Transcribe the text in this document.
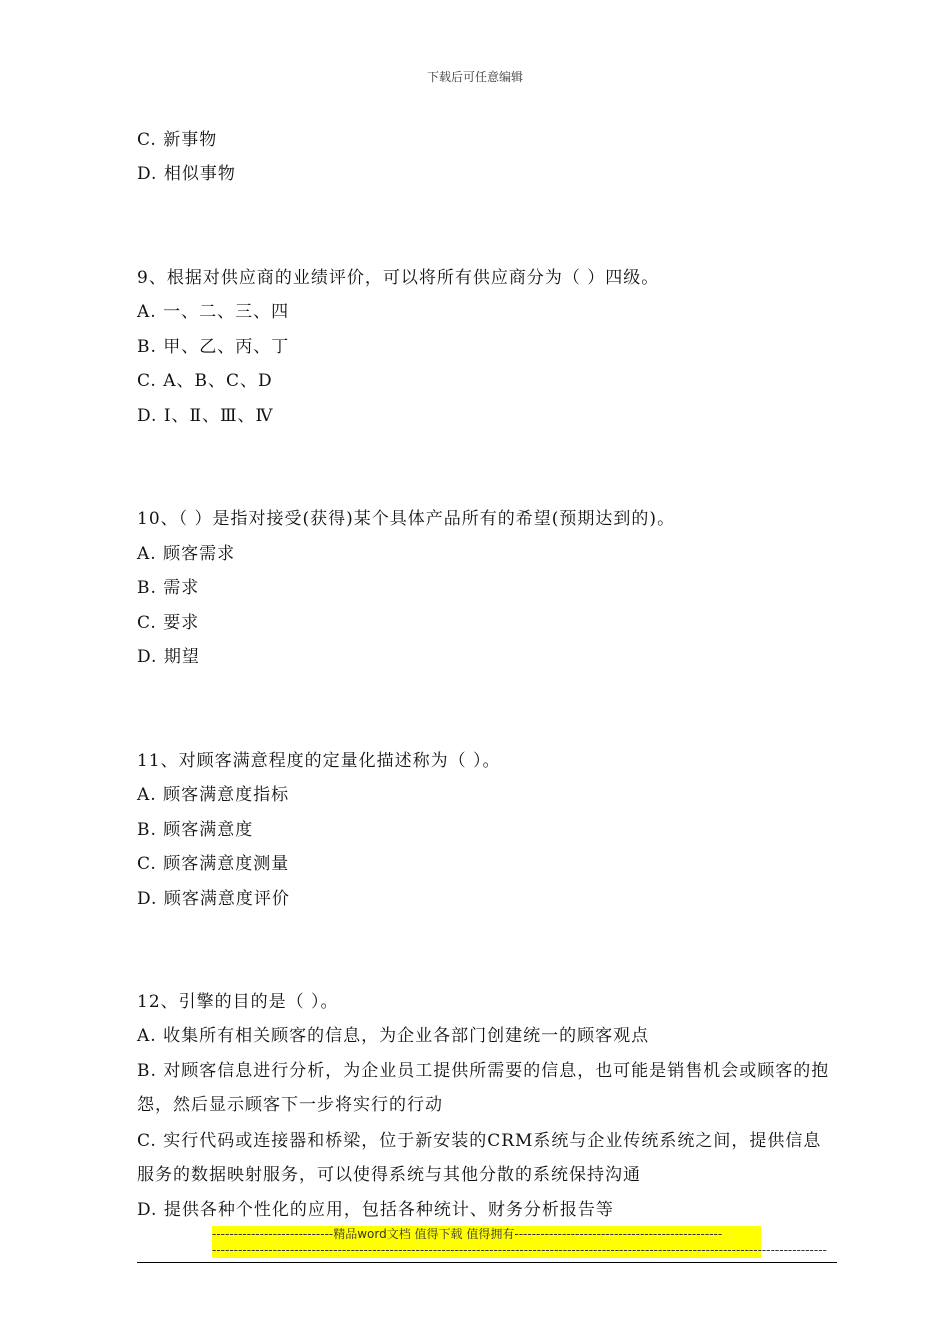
下载后可任意编辑
C. 新事物
D. 相似事物
9、根据对供应商的业绩评价，可以将所有供应商分为（ ）四级。
A. 一、二、三、四
B. 甲、乙、丙、丁
C. A、B、C、D
D. Ⅰ、Ⅱ、Ⅲ、Ⅳ
10、（ ）是指对接受(获得)某个具体产品所有的希望(预期达到的)。
A. 顾客需求
B. 需求
C. 要求
D. 期望
11、对顾客满意程度的定量化描述称为（ ）。
A. 顾客满意度指标
B. 顾客满意度
C. 顾客满意度测量
D. 顾客满意度评价
12、引擎的目的是（ ）。
A. 收集所有相关顾客的信息，为企业各部门创建统一的顾客观点
B. 对顾客信息进行分析，为企业员工提供所需要的信息，也可能是销售机会或顾客的抱怨，然后显示顾客下一步将实行的行动
C. 实行代码或连接器和桥梁，位于新安装的CRM系统与企业传统系统之间，提供信息服务的数据映射服务，可以使得系统与其他分散的系统保持沟通
D. 提供各种个性化的应用，包括各种统计、财务分析报告等
----------------------------精品word文档 值得下载 值得拥有------------------------------------------------
----------------------------------------------------------------------------------------------------------------------------------------------
